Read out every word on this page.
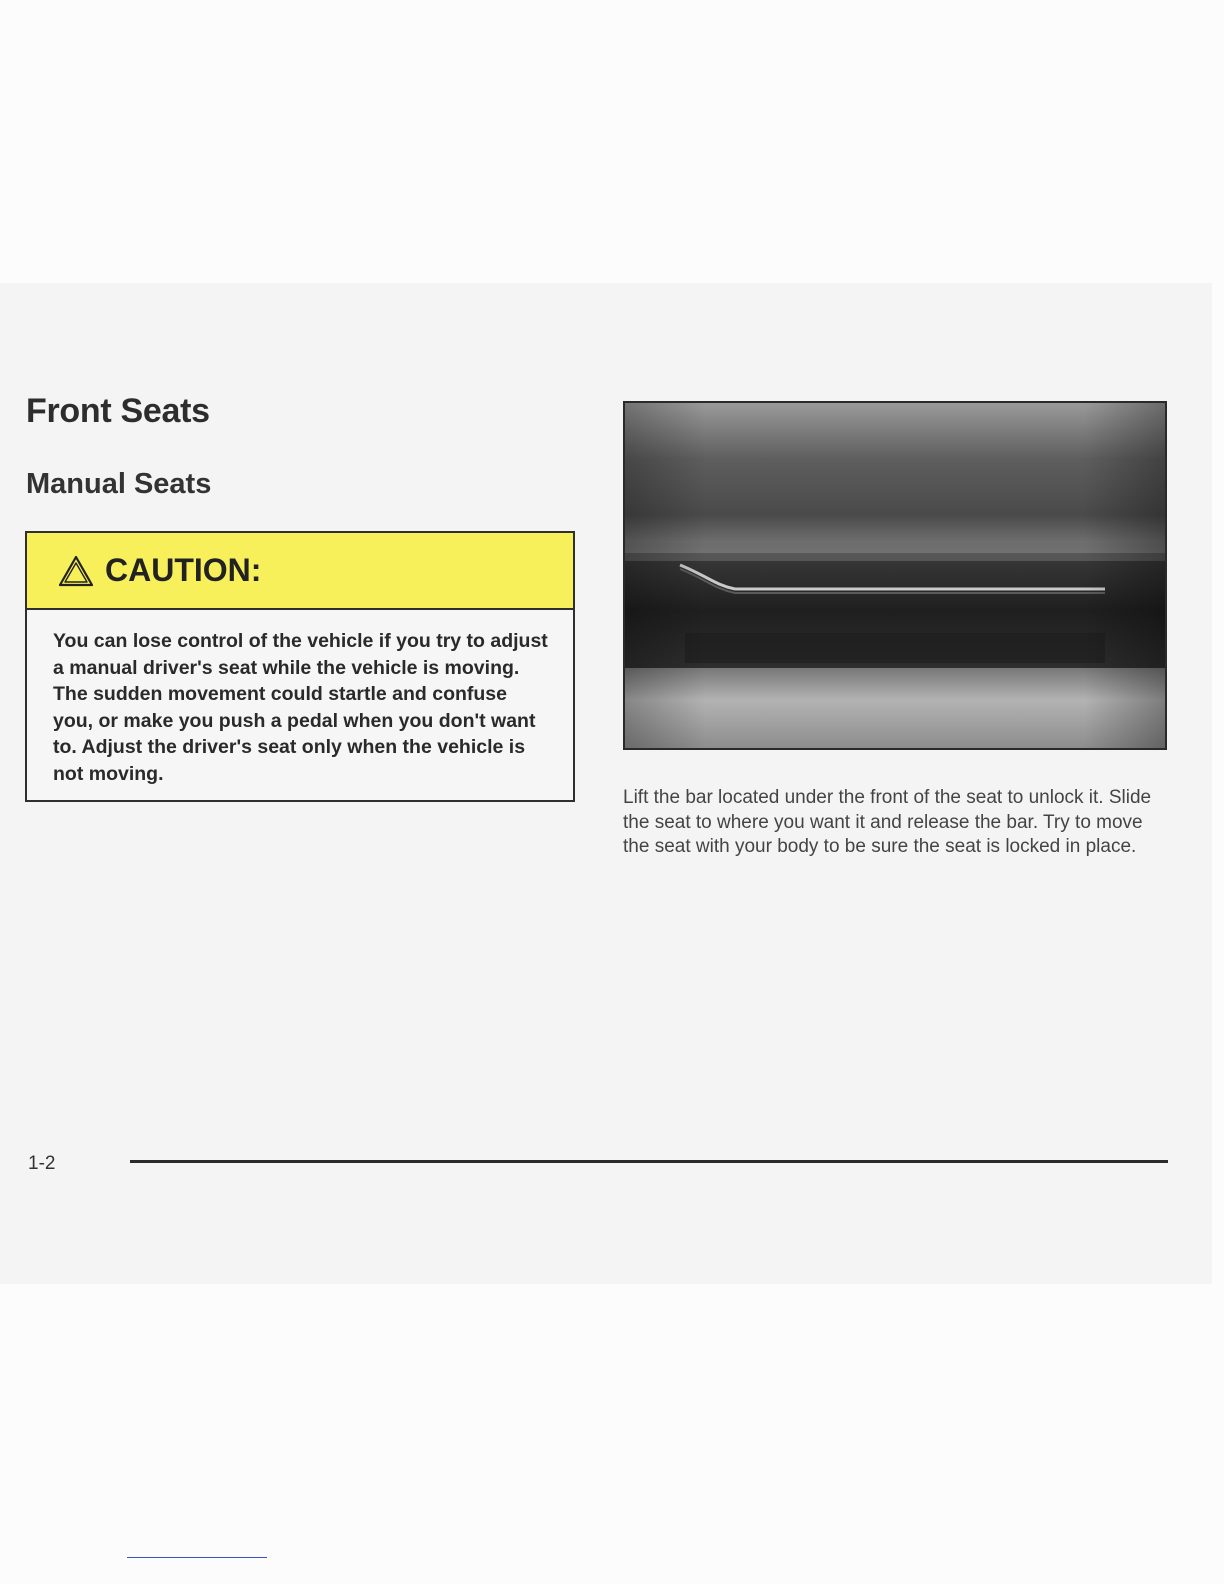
Front Seats
Manual Seats
CAUTION:
You can lose control of the vehicle if you try to adjust a manual driver's seat while the vehicle is moving. The sudden movement could startle and confuse you, or make you push a pedal when you don't want to. Adjust the driver's seat only when the vehicle is not moving.

Lift the bar located under the front of the seat to unlock it. Slide the seat to where you want it and release the bar. Try to move the seat with your body to be sure the seat is locked in place.

1-2
